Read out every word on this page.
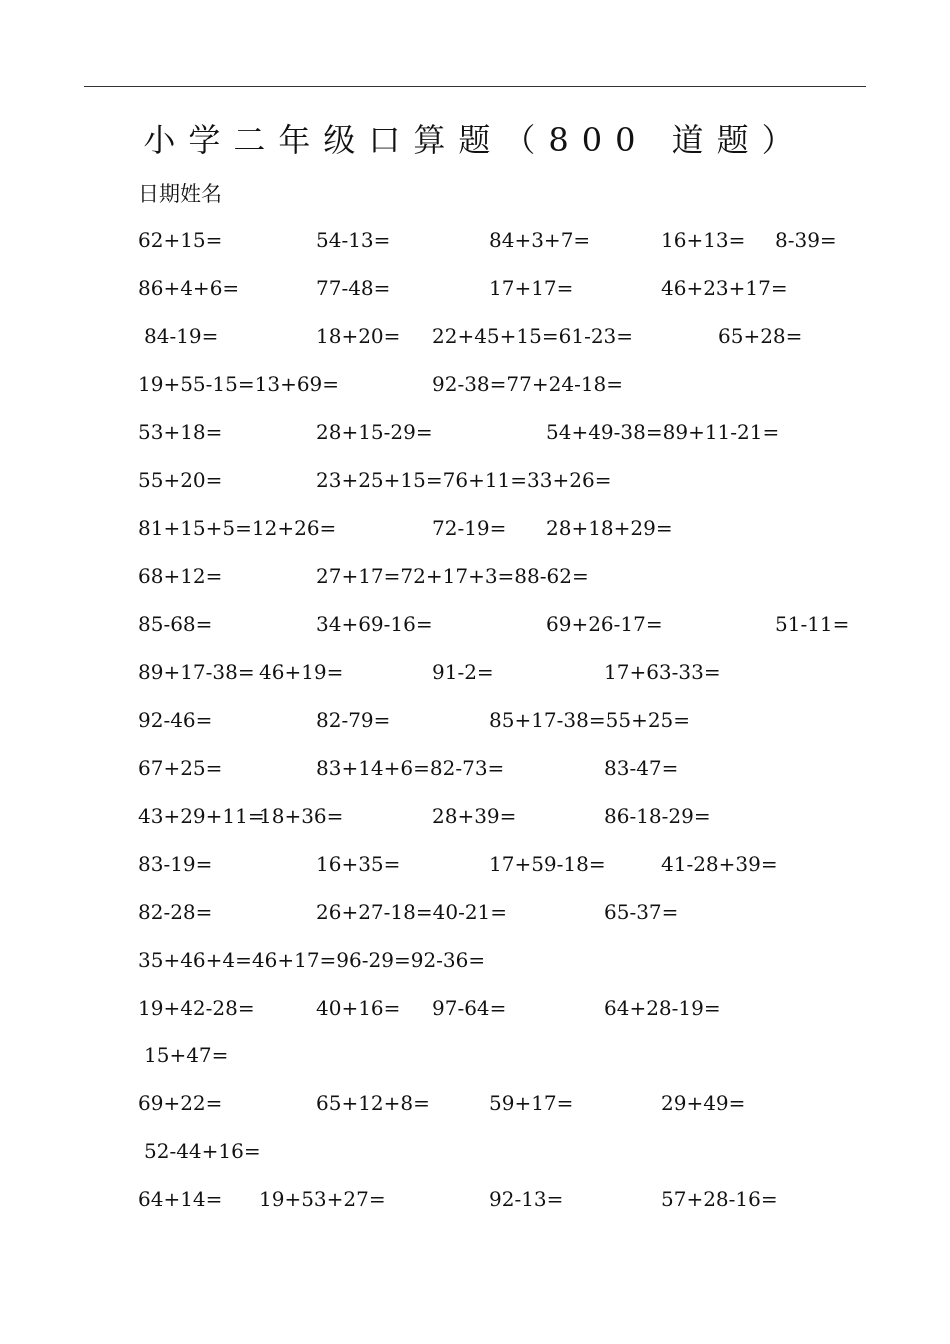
小学二年级口算题（800 道题）
日期姓名
62+15=	54-13=	84+3+7=	16+13= 8-39=
86+4+6=	77-48=	17+17=	46+23+17=
84-19=	18+20= 22+45+15=61-23=	65+28=
19+55-15=13+69=	92-38=77+24-18=
53+18=	28+15-29=	54+49-38=89+11-21=
55+20=	23+25+15=76+11=33+26=
81+15+5=12+26=	72-19= 28+18+29=
68+12=	27+17=72+17+3=88-62=
85-68=	34+69-16=	69+26-17=	51-11=
89+17-38= 46+19=	91-2=	17+63-33=
92-46=	82-79=	85+17-38=55+25=
67+25=	83+14+6=82-73=	83-47=
43+29+11=
18+36=	28+39=	86-18-29=
83-19=	16+35=	17+59-18=	41-28+39=
82-28=	26+27-18=40-21=	65-37=
35+46+4=46+17=96-29=92-36=
19+42-28=	40+16= 97-64=	64+28-19=
15+47=
69+22=	65+12+8=	59+17=	29+49=
52-44+16=
64+14= 19+53+27=	92-13=	57+28-16=
